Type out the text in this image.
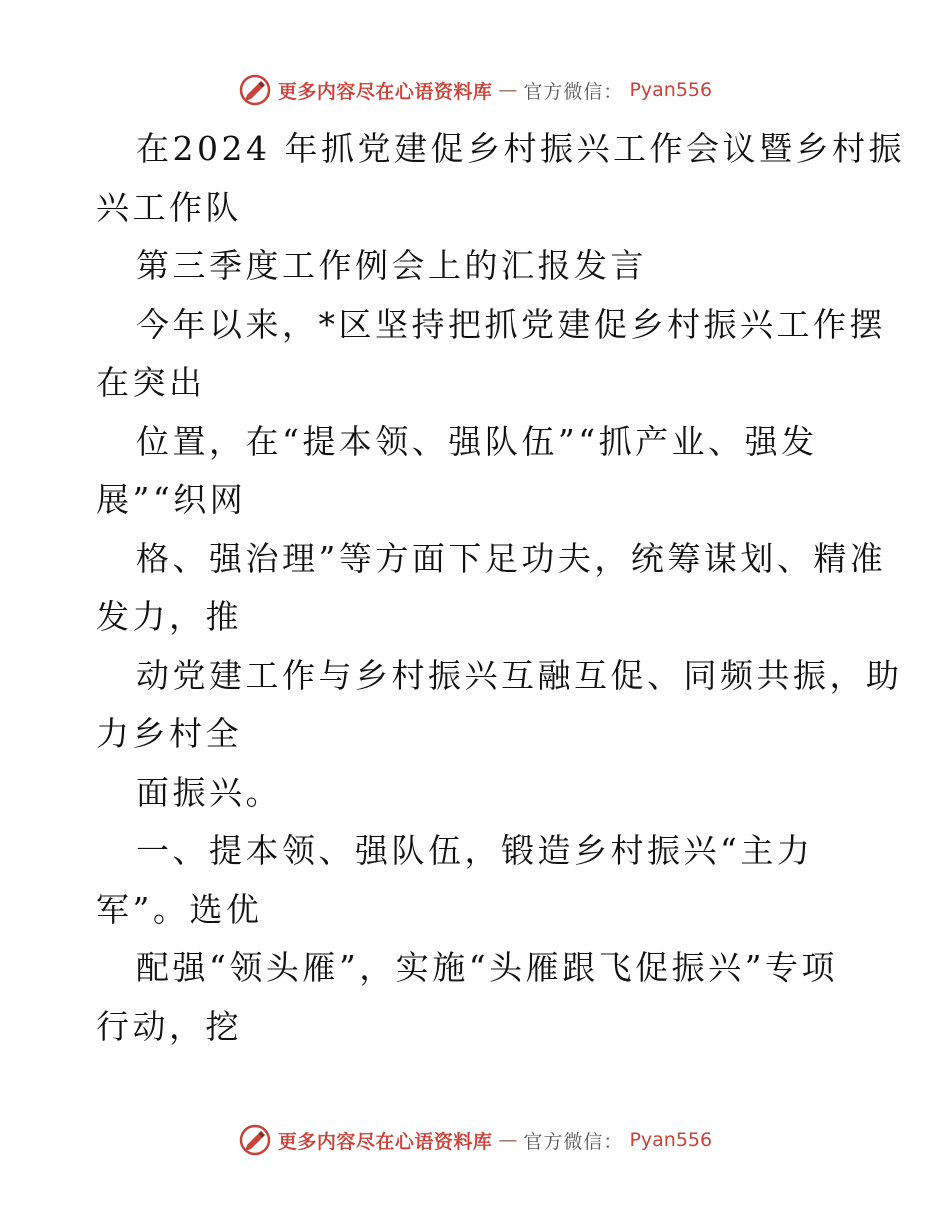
更多内容尽在心语资料库 — 官方微信： Pyan556
在2024 年抓党建促乡村振兴工作会议暨乡村振
兴工作队
第三季度工作例会上的汇报发言
今年以来，*区坚持把抓党建促乡村振兴工作摆
在突出
位置，在“提本领、强队伍”“抓产业、强发
展”“织网
格、强治理”等方面下足功夫，统筹谋划、精准
发力，推
动党建工作与乡村振兴互融互促、同频共振，助
力乡村全
面振兴。
一、提本领、强队伍，锻造乡村振兴“主力
军”。选优
配强“领头雁”，实施“头雁跟飞促振兴”专项
行动，挖
更多内容尽在心语资料库 — 官方微信： Pyan556
